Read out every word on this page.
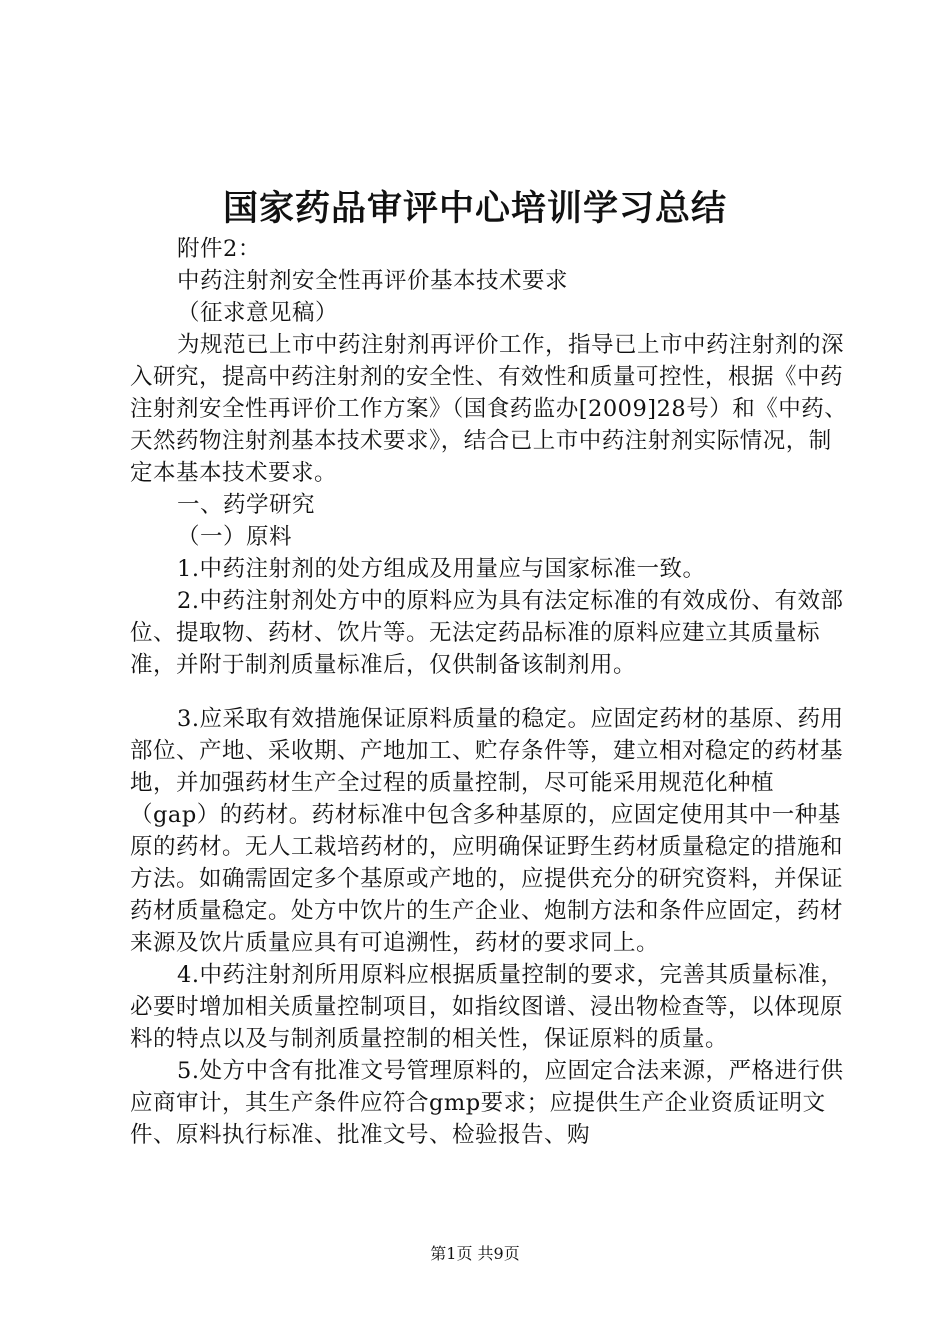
国家药品审评中心培训学习总结

附件2：

中药注射剂安全性再评价基本技术要求

（征求意见稿）

为规范已上市中药注射剂再评价工作，指导已上市中药注射剂的深入研究，提高中药注射剂的安全性、有效性和质量可控性，根据《中药注射剂安全性再评价工作方案》（国食药监办[2009]28号）和《中药、天然药物注射剂基本技术要求》，结合已上市中药注射剂实际情况，制定本基本技术要求。

一、药学研究

（一）原料

1.中药注射剂的处方组成及用量应与国家标准一致。

2.中药注射剂处方中的原料应为具有法定标准的有效成份、有效部位、提取物、药材、饮片等。无法定药品标准的原料应建立其质量标准，并附于制剂质量标准后，仅供制备该制剂用。

3.应采取有效措施保证原料质量的稳定。应固定药材的基原、药用部位、产地、采收期、产地加工、贮存条件等，建立相对稳定的药材基地，并加强药材生产全过程的质量控制，尽可能采用规范化种植（gap）的药材。药材标准中包含多种基原的，应固定使用其中一种基原的药材。无人工栽培药材的，应明确保证野生药材质量稳定的措施和方法。如确需固定多个基原或产地的，应提供充分的研究资料，并保证药材质量稳定。处方中饮片的生产企业、炮制方法和条件应固定，药材来源及饮片质量应具有可追溯性，药材的要求同上。

4.中药注射剂所用原料应根据质量控制的要求，完善其质量标准，必要时增加相关质量控制项目，如指纹图谱、浸出物检查等，以体现原料的特点以及与制剂质量控制的相关性，保证原料的质量。

5.处方中含有批准文号管理原料的，应固定合法来源，严格进行供应商审计，其生产条件应符合gmp要求；应提供生产企业资质证明文件、原料执行标准、批准文号、检验报告、购

第1页 共9页
